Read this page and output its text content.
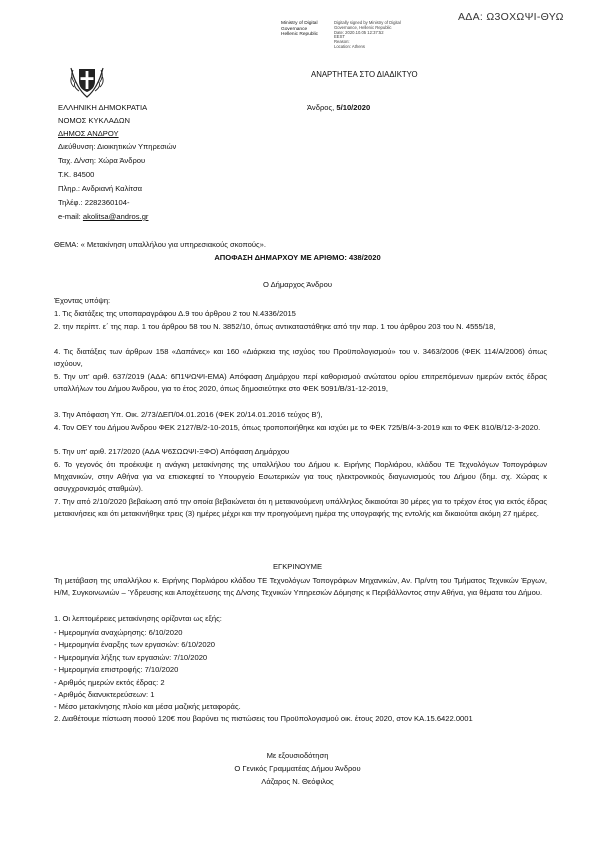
ΑΔΑ: Ω3ΟΧΩΨΙ-ΘΥΩ
Ministry of Digital
Governance
Hellenic Republic
Digitally signed by Ministry of Digital
Governance, Hellenic Republic
Date: 2020.10.05 12:37:52
EEST
Reason:
Location: Athens
ΑΝΑΡΤΗΤΕΑ ΣΤΟ ΔΙΑΔΙΚΤΥΟ
ΕΛΛΗΝΙΚΗ ΔΗΜΟΚΡΑΤΙΑ
ΝΟΜΟΣ ΚΥΚΛΑΔΩΝ
ΔΗΜΟΣ ΑΝΔΡΟΥ
Διεύθυνση: Διοικητικών Υπηρεσιών
Ταχ. Δ/νση: Χώρα Άνδρου
Τ.Κ. 84500
Πληρ.: Ανδριανή Καλίτσα
Τηλέφ.: 2282360104-
e-mail: akolitsa@andros.gr
Άνδρος, 5/10/2020
ΘΕΜΑ: « Μετακίνηση υπαλλήλου για υπηρεσιακούς σκοπούς».
ΑΠΟΦΑΣΗ ΔΗΜΑΡΧΟΥ ΜΕ ΑΡΙΘΜΟ: 438/2020
Ο Δήμαρχος Άνδρου
Έχοντας υπόψη:
1. Τις διατάξεις της υποπαραγράφου Δ.9 του άρθρου 2 του Ν.4336/2015
2. την περίπτ. ε΄ της παρ. 1 του άρθρου 58 του Ν. 3852/10, όπως αντικαταστάθηκε από την παρ. 1 του άρθρου 203 του Ν. 4555/18,
4. Τις διατάξεις των άρθρων 158 «Δαπάνες» και 160 «Διάρκεια της ισχύος του Προϋπολογισμού» του ν. 3463/2006 (ΦΕΚ 114/Α/2006) όπως ισχύουν,
5. Την υπ' αριθ. 637/2019 (ΑΔΑ: 6Π1ΨΩΨΙ-ΕΜΑ) Απόφαση Δημάρχου περί καθορισμού ανώτατου ορίου επιτρεπόμενων ημερών εκτός έδρας υπαλλήλων του Δήμου Άνδρου, για το έτος 2020, όπως δημοσιεύτηκε στο ΦΕΚ 5091/Β/31-12-2019,
3. Την Απόφαση Υπ. Οικ. 2/73/ΔΕΠ/04.01.2016 (ΦΕΚ 20/14.01.2016 τεύχος Β'),
4. Τον ΟΕΥ του Δήμου Άνδρου ΦΕΚ 2127/Β/2-10-2015, όπως τροποποιήθηκε και ισχύει με το ΦΕΚ 725/Β/4-3-2019 και το ΦΕΚ 810/Β/12-3-2020.
5. Την υπ' αριθ. 217/2020 (ΑΔΑ Ψ6ΣΩΩΨΙ-ΞΦΟ) Απόφαση Δημάρχου
6. Το γεγονός ότι προέκυψε η ανάγκη μετακίνησης της υπαλλήλου του Δήμου κ. Ειρήνης Πορλιάρου, κλάδου ΤΕ Τεχνολόγων Τοπογράφων Μηχανικών, στην Αθήνα για να επισκεφτεί το Υπουργείο Εσωτερικών για τους ηλεκτρονικούς διαγωνισμούς του Δήμου (δημ. σχ. Χώρας κ ασυγχρονισμός σταθμών).
7. Την από 2/10/2020 βεβαίωση από την οποία βεβαιώνεται ότι η μετακινούμενη υπάλληλος δικαιούται 30 μέρες για το τρέχον έτος για εκτός έδρας μετακινήσεις και ότι μετακινήθηκε τρεις (3) ημέρες μέχρι και την προηγούμενη ημέρα της υπογραφής της εντολής και δικαιούται ακόμη 27 ημέρες.
ΕΓΚΡΙΝΟΥΜΕ
Τη μετάβαση της υπαλλήλου κ. Ειρήνης Πορλιάρου κλάδου ΤΕ Τεχνολόγων Τοπογράφων Μηχανικών, Αν. Πρ/ντη του Τμήματος Τεχνικών Έργων, Η/Μ, Συγκοινωνιών – Ύδρευσης και Αποχέτευσης της Δ/νσης Τεχνικών Υπηρεσιών Δόμησης κ Περιβάλλοντος στην Αθήνα, για θέματα του Δήμου.
1. Οι λεπτομέρειες μετακίνησης ορίζονται ως εξής:
- Ημερομηνία αναχώρησης: 6/10/2020
- Ημερομηνία έναρξης των εργασιών: 6/10/2020
- Ημερομηνία λήξης των εργασιών: 7/10/2020
- Ημερομηνία επιστροφής: 7/10/2020
- Αριθμός ημερών εκτός έδρας: 2
- Αριθμός διανυκτερεύσεων: 1
- Μέσο μετακίνησης πλοίο και μέσα μαζικής μεταφοράς.
2. Διαθέτουμε πίστωση ποσού 120€ που βαρύνει τις πιστώσεις του Προϋπολογισμού οικ. έτους 2020, στον ΚΑ.15.6422.0001
Με εξουσιοδότηση
Ο Γενικός Γραμματέας Δήμου Άνδρου
Λάζαρος Ν. Θεόφιλος
